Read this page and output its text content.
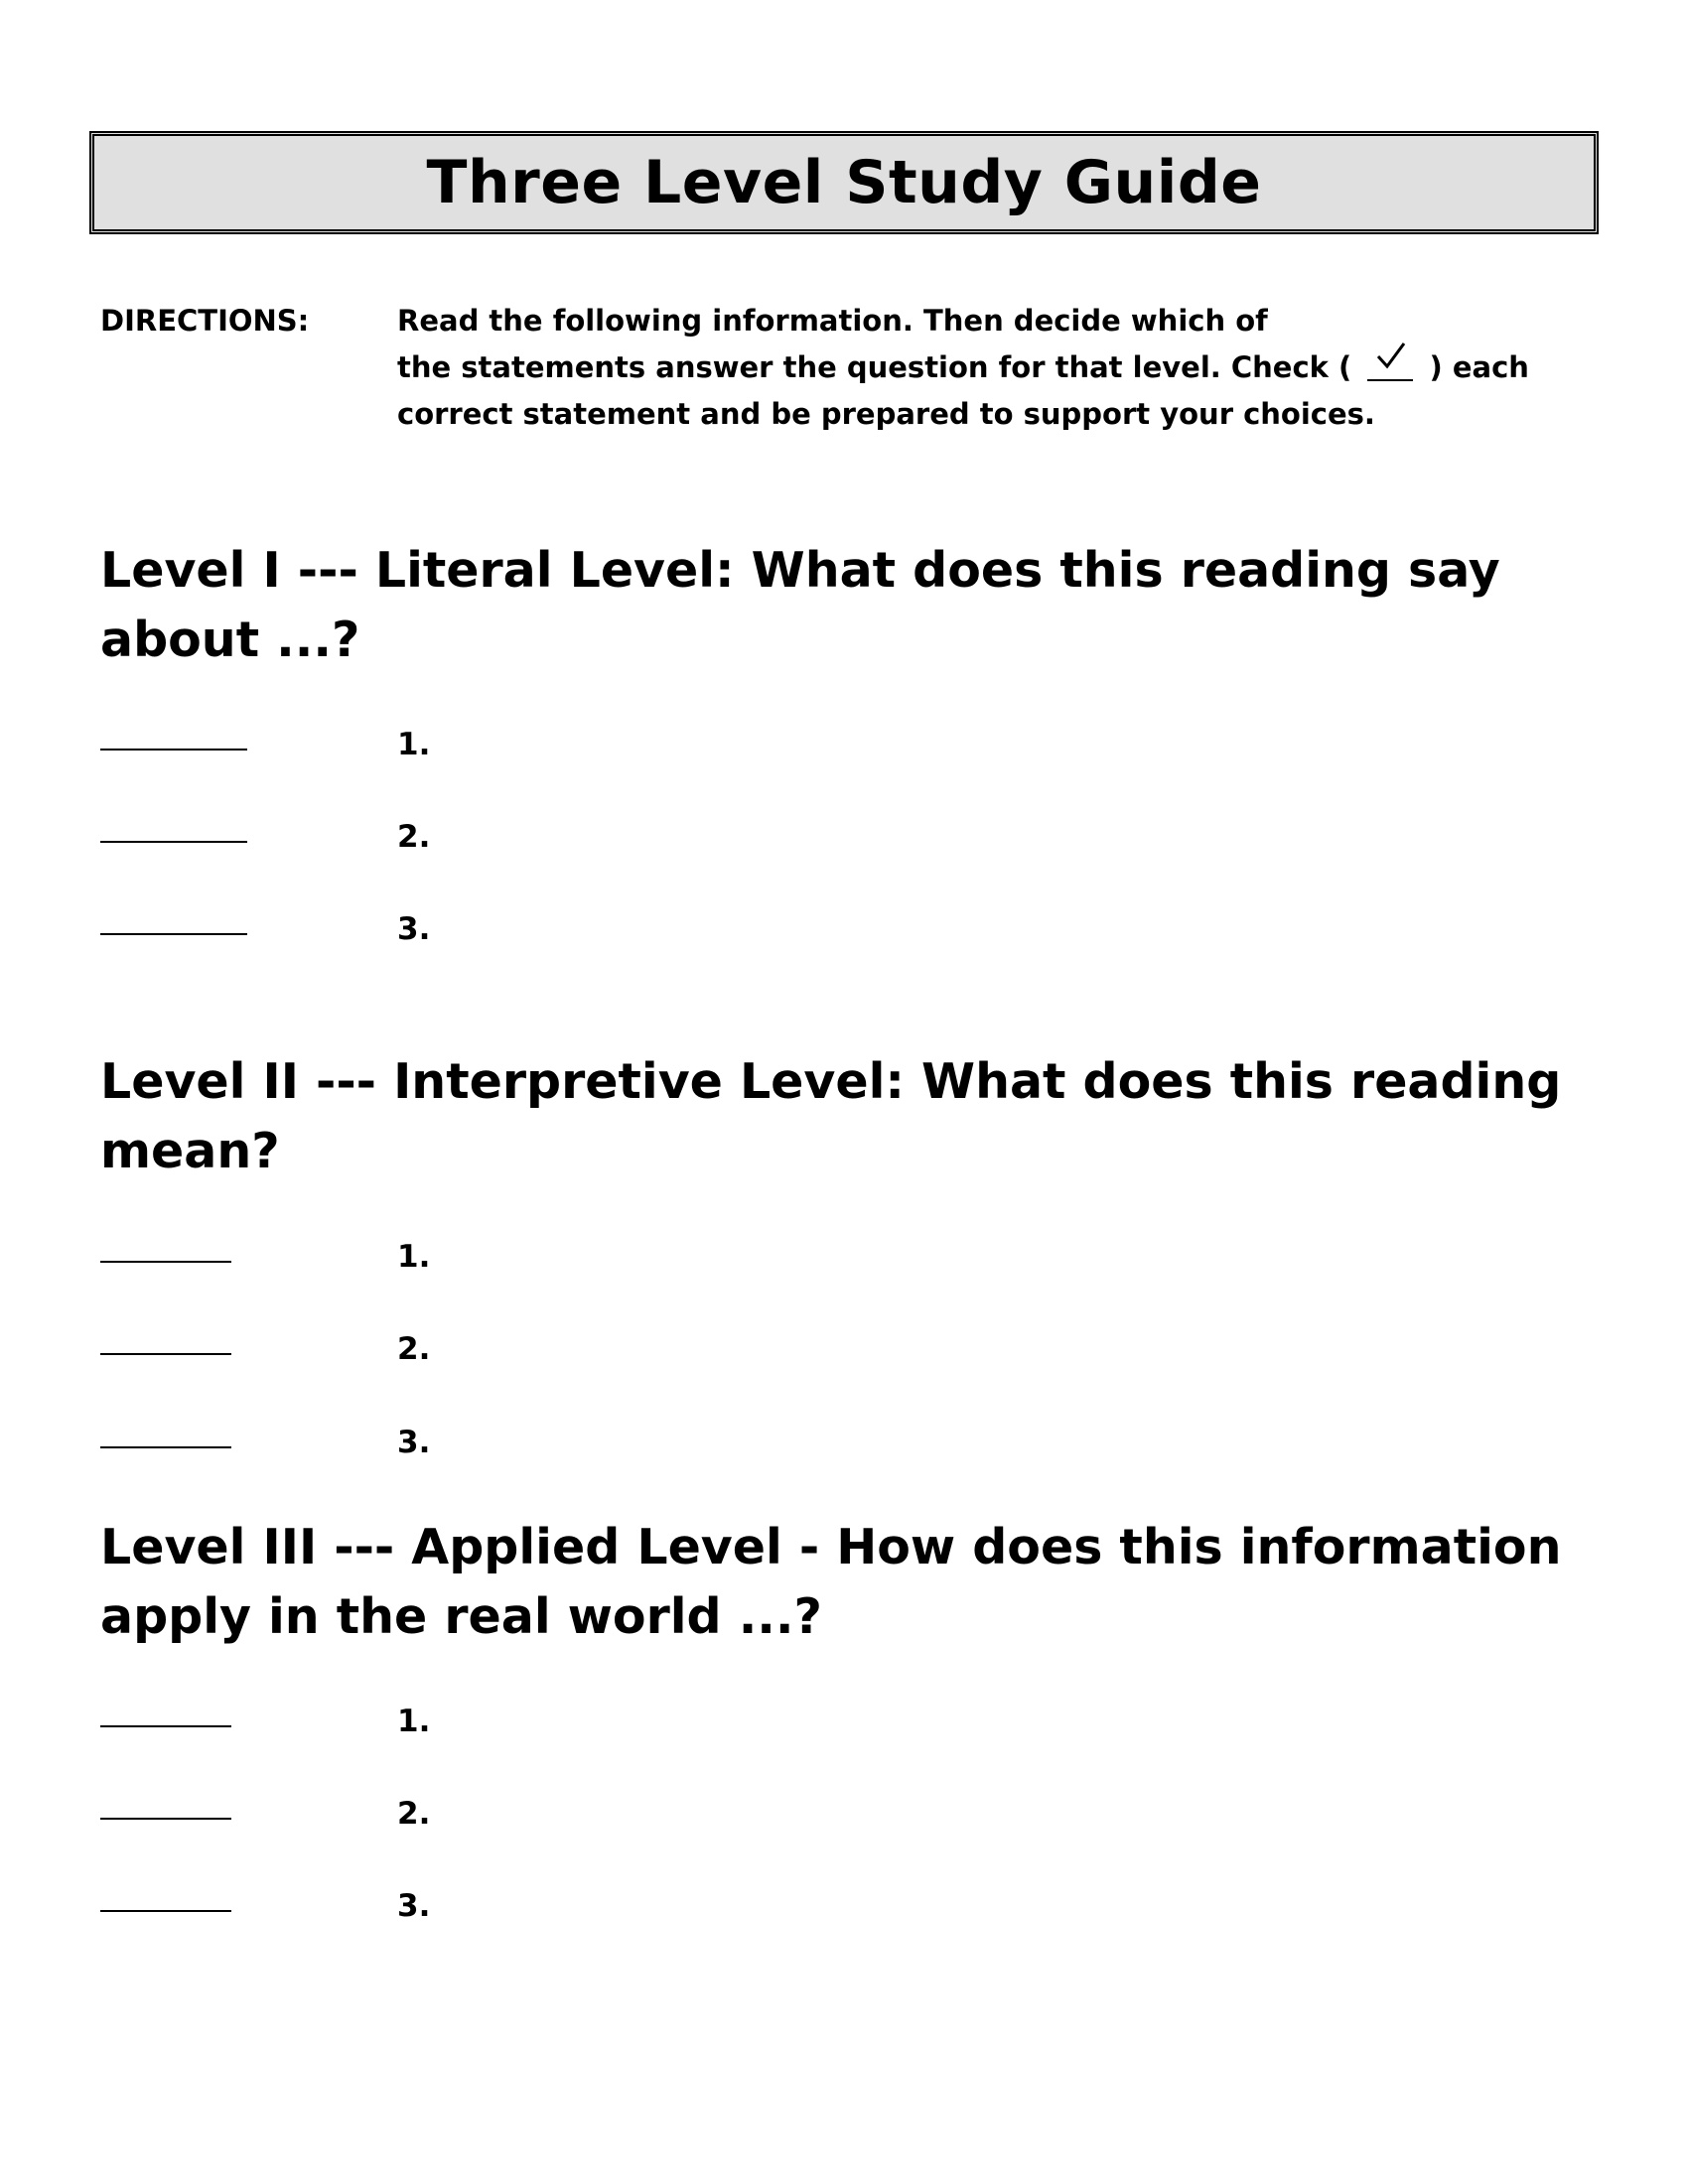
Three Level Study Guide
DIRECTIONS:	Read the following information. Then decide which of
the statements answer the question for that level. Check (	) each
correct statement and be prepared to support your choices.
Level I --- Literal Level: What does this reading say
about ...?
1.
2.
3.
Level II --- Interpretive Level: What does this reading
mean?
1.
2.
3.
Level III --- Applied Level - How does this information
apply in the real world ...?
1.
2.
3.
